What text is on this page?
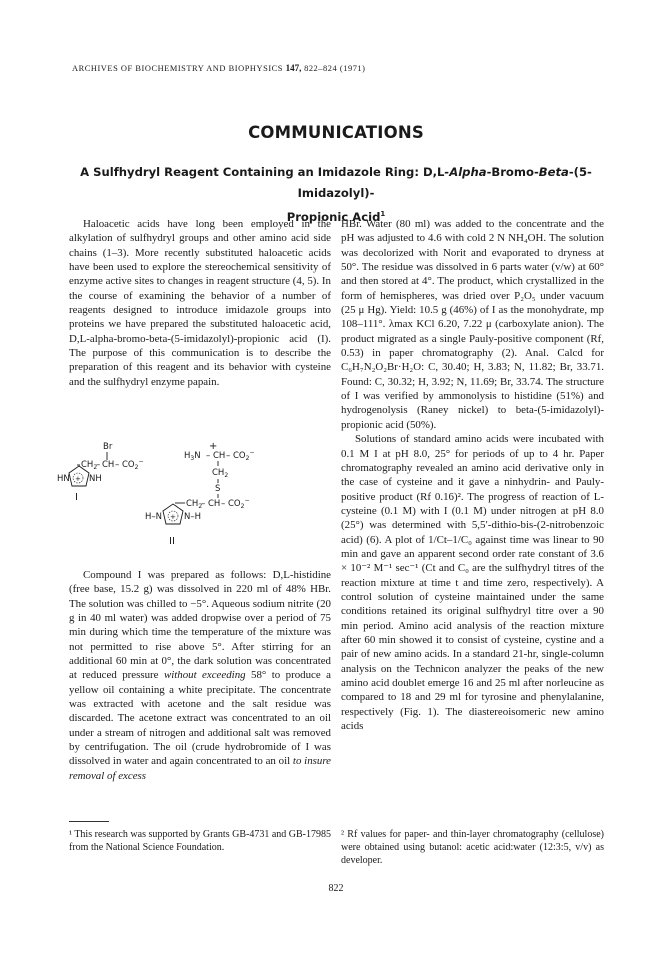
ARCHIVES OF BIOCHEMISTRY AND BIOPHYSICS 147, 822–824 (1971)
COMMUNICATIONS
A Sulfhydryl Reagent Containing an Imidazole Ring: D,L-Alpha-Bromo-Beta-(5-Imidazolyl)-
Propionic Acid$^1$

Haloacetic acids have long been employed in the alkylation of sulfhydryl groups and other amino acid side chains (1–3). More recently substituted haloacetic acids have been used to explore the stereochemical sensitivity of enzyme active sites to changes in reagent structure (4, 5). In the course of examining the behavior of a number of reagents designed to introduce imidazole groups into proteins we have prepared the substituted haloacetic acid, D,L-alpha-bromo-beta-(5-imidazolyl)-propionic acid (I). The purpose of this communication is to describe the preparation of this reagent and its behavior with cysteine and the sulfhydryl enzyme papain.

Br
$CH_2$
– CH – $CO_2^-$
+
HN NH
I
+
$H_3N$ – CH – $CO_2^-$
$CH_2$
S
$CH_2$
– CH – $CO_2^-$
+
H–N	N–H
II

Compound I was prepared as follows: D,L-histidine (free base, 15.2 g) was dissolved in 220 ml of 48% HBr. The solution was chilled to −5°. Aqueous sodium nitrite (20 g in 40 ml water) was added dropwise over a period of 75 min during which time the temperature of the mixture was not permitted to rise above 5°. After stirring for an additional 60 min at 0°, the dark solution was concentrated at reduced pressure without exceeding 58° to produce a yellow oil containing a white precipitate. The concentrate was extracted with acetone and the salt residue was discarded. The acetone extract was concentrated to an oil under a stream of nitrogen and additional salt was removed by centrifugation. The oil (crude hydrobromide of I was dissolved in water and again concentrated to an oil to insure removal of excess

HBr. Water (80 ml) was added to the concentrate and the pH was adjusted to 4.6 with cold 2 N NH₄OH. The solution was decolorized with Norit and evaporated to dryness at 50°. The residue was dissolved in 6 parts water (v/w) at 60° and then stored at 4°. The product, which crystallized in the form of hemispheres, was dried over P₂O₅ under vacuum (25 μ Hg). Yield: 10.5 g (46%) of I as the monohydrate, mp 108–111°. λmax KCl 6.20, 7.22 μ (carboxylate anion). The product migrated as a single Pauly-positive component (Rf, 0.53) in paper chromatography (2). Anal. Calcd for C₆H₇N₂O₂Br·H₂O: C, 30.40; H, 3.83; N, 11.82; Br, 33.71. Found: C, 30.32; H, 3.92; N, 11.69; Br, 33.74. The structure of I was verified by ammonolysis to histidine (51%) and hydrogenolysis (Raney nickel) to beta-(5-imidazolyl)-propionic acid (50%).

Solutions of standard amino acids were incubated with 0.1 M I at pH 8.0, 25° for periods of up to 4 hr. Paper chromatography revealed an amino acid derivative only in the case of cysteine and it gave a ninhydrin- and Pauly-positive product (Rf 0.16)². The progress of reaction of L-cysteine (0.1 M) with I (0.1 M) under nitrogen at pH 8.0 (25°) was determined with 5,5′-dithio-bis-(2-nitrobenzoic acid) (6). A plot of 1/Ct–1/C₀ against time was linear to 90 min and gave an apparent second order rate constant of 3.6 × 10⁻² M⁻¹ sec⁻¹ (Ct and C₀ are the sulfhydryl titres of the reaction mixture at time t and time zero, respectively). A control solution of cysteine maintained under the same conditions retained its original sulfhydryl titre over a 90 min period. Amino acid analysis of the reaction mixture after 60 min showed it to consist of cysteine, cystine and a pair of new amino acids. In a standard 21-hr, single-column analysis on the Technicon analyzer the peaks of the new amino acid doublet emerge 16 and 25 ml after norleucine as compared to 18 and 29 ml for tyrosine and phenylalanine, respectively (Fig. 1). The diastereoisomeric new amino acids

¹ This research was supported by Grants GB-4731 and GB-17985 from the National Science Foundation.
² Rf values for paper- and thin-layer chromatography (cellulose) were obtained using butanol: acetic acid:water (12:3:5, v/v) as developer.
822
